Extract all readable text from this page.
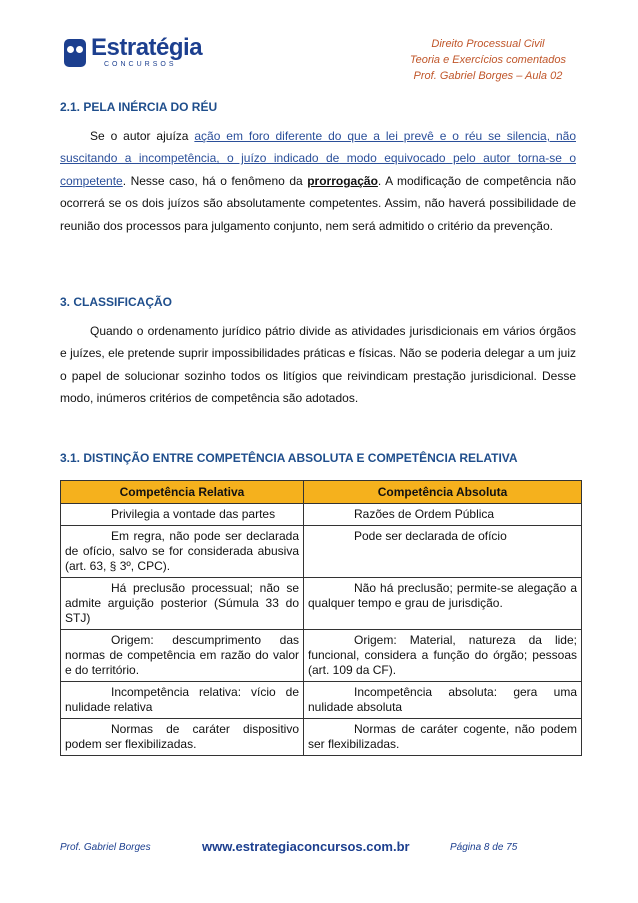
Estratégia
CONCURSOS
Direito Processual Civil
Teoria e Exercícios comentados
Prof. Gabriel Borges – Aula 02
2.1. PELA INÉRCIA DO RÉU
Se o autor ajuíza ação em foro diferente do que a lei prevê e o réu se silencia, não suscitando a incompetência, o juízo indicado de modo equivocado pelo autor torna-se o competente. Nesse caso, há o fenômeno da prorrogação. A modificação de competência não ocorrerá se os dois juízos são absolutamente competentes. Assim, não haverá possibilidade de reunião dos processos para julgamento conjunto, nem será admitido o critério da prevenção.
3. CLASSIFICAÇÃO
Quando o ordenamento jurídico pátrio divide as atividades jurisdicionais em vários órgãos e juízes, ele pretende suprir impossibilidades práticas e físicas. Não se poderia delegar a um juiz o papel de solucionar sozinho todos os litígios que reivindicam prestação jurisdicional. Desse modo, inúmeros critérios de competência são adotados.
3.1. DISTINÇÃO ENTRE COMPETÊNCIA ABSOLUTA E COMPETÊNCIA RELATIVA
Competência Relativa	Competência Absoluta
Privilegia a vontade das partes	Razões de Ordem Pública
Em regra, não pode ser declarada de ofício, salvo se for considerada abusiva (art. 63, § 3º, CPC).	Pode ser declarada de ofício
Há preclusão processual; não se admite arguição posterior (Súmula 33 do STJ)	Não há preclusão; permite-se alegação a qualquer tempo e grau de jurisdição.
Origem: descumprimento das normas de competência em razão do valor e do território.	Origem: Material, natureza da lide; funcional, considera a função do órgão; pessoas (art. 109 da CF).
Incompetência relativa: vício de nulidade relativa	Incompetência absoluta: gera uma nulidade absoluta
Normas de caráter dispositivo podem ser flexibilizadas.	Normas de caráter cogente, não podem ser flexibilizadas.
Prof. Gabriel Borges	www.estrategiaconcursos.com.br	Página 8 de 75
